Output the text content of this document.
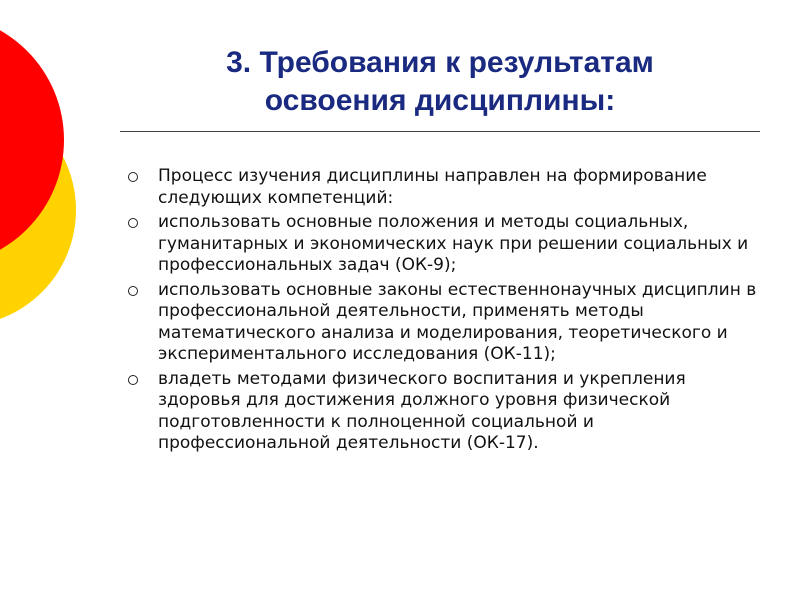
3. Требования к результатам
освоения дисциплины:
Процесс изучения дисциплины направлен на формирование следующих компетенций:
использовать основные положения и методы социальных, гуманитарных и экономических наук при решении социальных и профессиональных задач (ОК-9);
использовать основные законы естественнонаучных дисциплин в профессиональной деятельности, применять методы математического анализа и моделирования, теоретического и экспериментального исследования (ОК-11);
владеть методами физического воспитания и укрепления здоровья для достижения должного уровня физической подготовленности к полноценной социальной и профессиональной деятельности (ОК-17).
